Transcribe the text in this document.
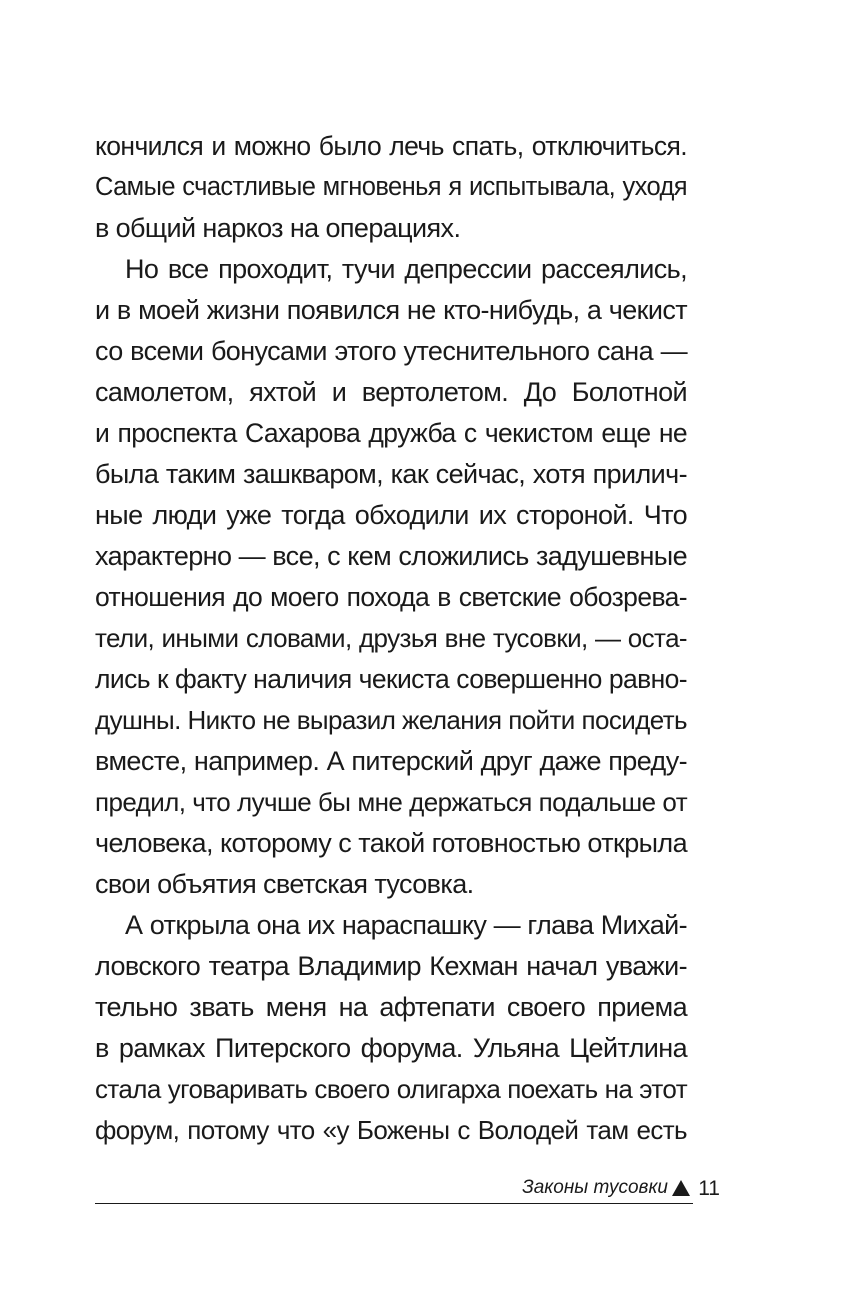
кончился и можно было лечь спать, отключиться.
Самые счастливые мгновенья я испытывала, уходя
в общий наркоз на операциях.
Но все проходит, тучи депрессии рассеялись,
и в моей жизни появился не кто-нибудь, а чекист
со всеми бонусами этого утеснительного сана —
самолетом, яхтой и вертолетом. До Болотной
и проспекта Сахарова дружба с чекистом еще не
была таким зашкваром, как сейчас, хотя прилич-
ные люди уже тогда обходили их стороной. Что
характерно — все, с кем сложились задушевные
отношения до моего похода в светские обозрева-
тели, иными словами, друзья вне тусовки, — оста-
лись к факту наличия чекиста совершенно равно-
душны. Никто не выразил желания пойти посидеть
вместе, например. А питерский друг даже преду-
предил, что лучше бы мне держаться подальше от
человека, которому с такой готовностью открыла
свои объятия светская тусовка.
А открыла она их нараспашку — глава Михай-
ловского театра Владимир Кехман начал уважи-
тельно звать меня на афтепати своего приема
в рамках Питерского форума. Ульяна Цейтлина
стала уговаривать своего олигарха поехать на этот
форум, потому что «у Божены с Володей там есть
Законы тусовки 11
